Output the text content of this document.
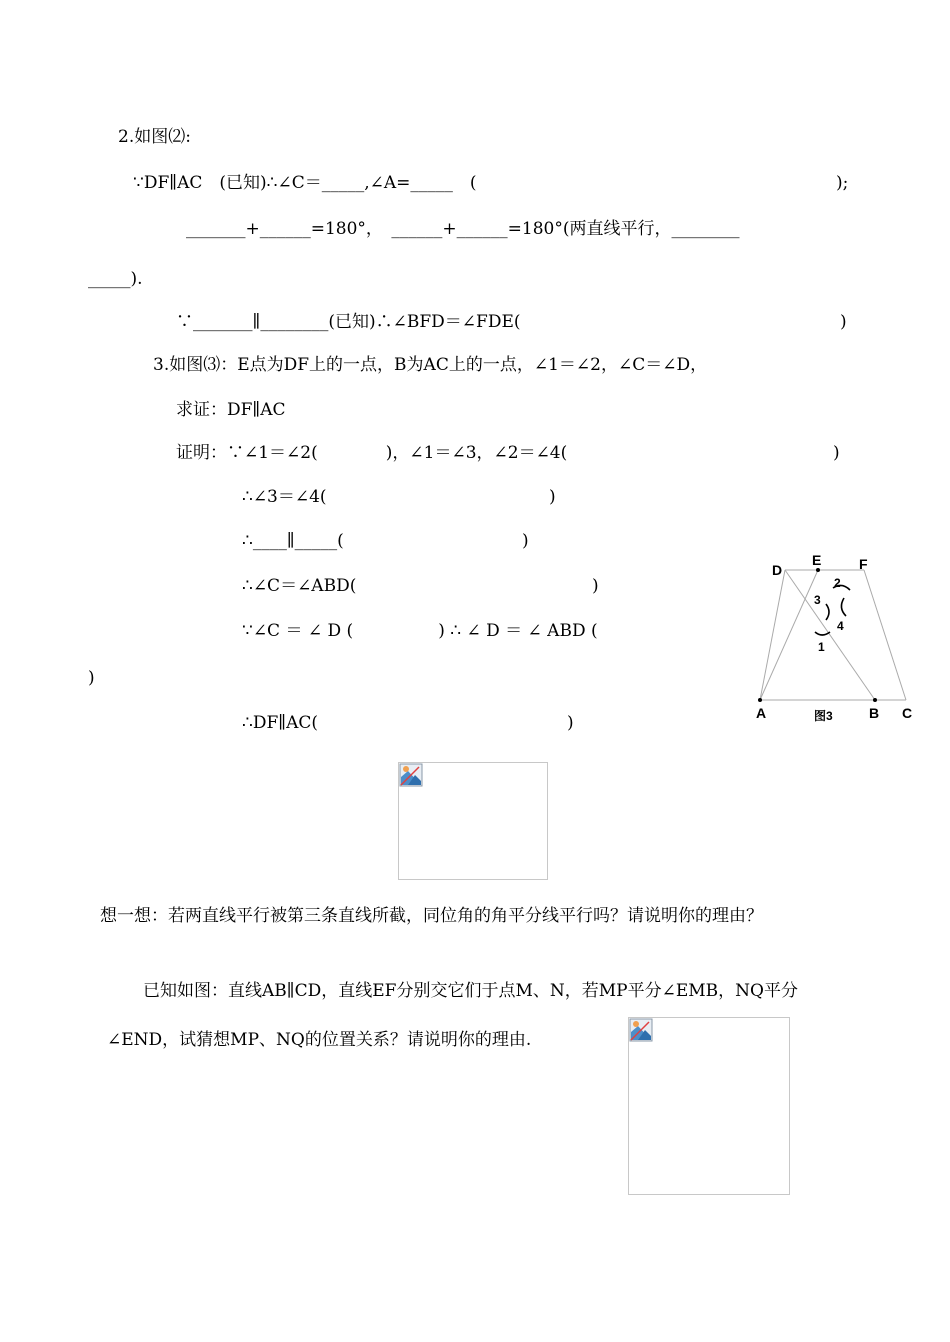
2.如图⑵:
∵DF∥AC　(已知)∴∠C＝_____,∠A=_____　(	);
_______+______=180°，　______+______=180°(两直线平行，________
_____).
∵_______∥________(已知)∴∠BFD＝∠FDE(	)
3.如图⑶：E点为DF上的一点，B为AC上的一点，∠1＝∠2，∠C＝∠D，
求证：DF∥AC
证明：∵∠1＝∠2(　　　　)，∠1＝∠3，∠2＝∠4(	)
∴∠3＝∠4(	)
∴____∥_____(	)
∴∠C＝∠ABD(	)
∵∠C ＝ ∠ D (　　　　　) ∴ ∠ D ＝ ∠ ABD (
)
∴DF∥AC(	)
D
E	F
A	B C
2
3
4
1
图3
想一想：若两直线平行被第三条直线所截，同位角的角平分线平行吗？请说明你的理由？
已知如图：直线AB∥CD，直线EF分别交它们于点M、N，若MP平分∠EMB，NQ平分
∠END，试猜想MP、NQ的位置关系？请说明你的理由.
